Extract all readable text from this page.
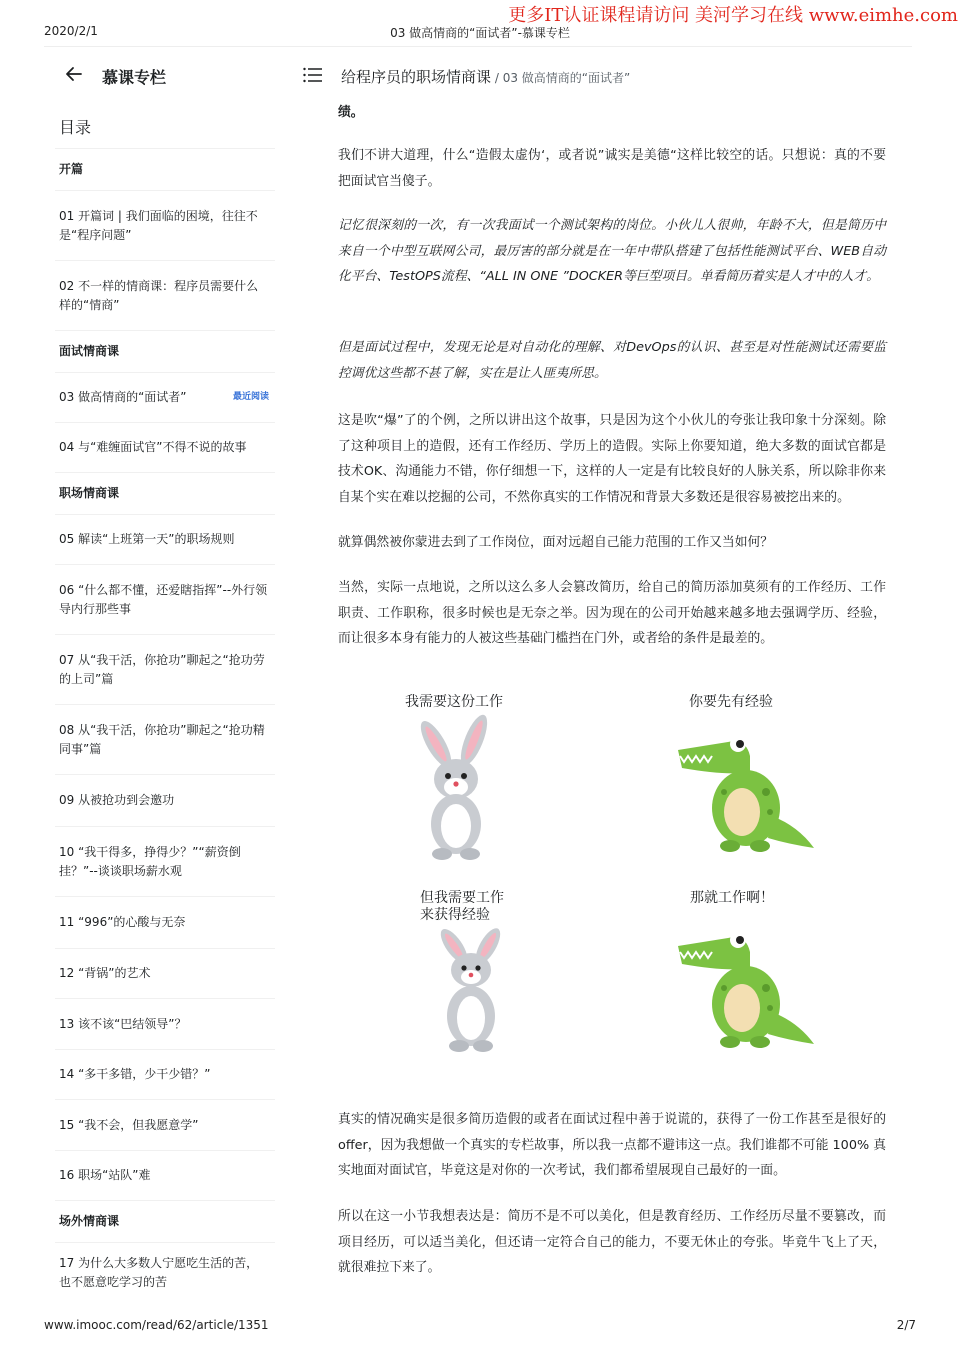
2020/2/1	03 做高情商的“面试者”-慕课专栏
更多IT认证课程请访问 美河学习在线 www.eimhe.com
慕课专栏
目录
开篇
01 开篇词 | 我们面临的困境，往往不是“程序问题”
02 不一样的情商课：程序员需要什么样的“情商”
面试情商课
03 做高情商的“面试者”	最近阅读
04 与“难缠面试官”不得不说的故事
职场情商课
05 解读“上班第一天”的职场规则
06 “什么都不懂，还爱瞎指挥”--外行领导内行那些事
07 从“我干活，你抢功”聊起之“抢功劳的上司”篇
08 从“我干活，你抢功”聊起之“抢功精同事”篇
09 从被抢功到会邀功
10 “我干得多，挣得少？”“薪资倒挂？”--谈谈职场薪水观
11 “996”的心酸与无奈
12 “背锅”的艺术
13 该不该“巴结领导”？
14 “多干多错，少干少错？”
15 “我不会，但我愿意学”
16 职场“站队”难
场外情商课
17 为什么大多数人宁愿吃生活的苦，也不愿意吃学习的苦
给程序员的职场情商课 / 03 做高情商的“面试者”

绩。

我们不讲大道理，什么“造假太虚伪‘，或者说”诚实是美德“这样比较空的话。只想说：真的不要把面试官当傻子。

记忆很深刻的一次，有一次我面试一个测试架构的岗位。小伙儿人很帅，年龄不大，但是简历中来自一个中型互联网公司，最厉害的部分就是在一年中带队搭建了包括性能测试平台、WEB自动化平台、TestOPS流程、“ALL IN ONE ”DOCKER等巨型项目。单看简历着实是人才中的人才。

但是面试过程中，发现无论是对自动化的理解、对DevOps的认识、甚至是对性能测试还需要监控调优这些都不甚了解，实在是让人匪夷所思。

这是吹“爆”了的个例，之所以讲出这个故事，只是因为这个小伙儿的夸张让我印象十分深刻。除了这种项目上的造假，还有工作经历、学历上的造假。实际上你要知道，绝大多数的面试官都是技术OK、沟通能力不错，你仔细想一下，这样的人一定是有比较良好的人脉关系，所以除非你来自某个实在难以挖掘的公司，不然你真实的工作情况和背景大多数还是很容易被挖出来的。

就算偶然被你蒙进去到了工作岗位，面对远超自己能力范围的工作又当如何？

当然，实际一点地说，之所以这么多人会篡改简历，给自己的简历添加莫须有的工作经历、工作职责、工作职称，很多时候也是无奈之举。因为现在的公司开始越来越多地去强调学历、经验，而让很多本身有能力的人被这些基础门槛挡在门外，或者给的条件是最差的。

真实的情况确实是很多简历造假的或者在面试过程中善于说谎的，获得了一份工作甚至是很好的offer，因为我想做一个真实的专栏故事，所以我一点都不避讳这一点。我们谁都不可能 100% 真实地面对面试官，毕竟这是对你的一次考试，我们都希望展现自己最好的一面。

所以在这一小节我想表达是：简历不是不可以美化，但是教育经历、工作经历尽量不要篡改，而项目经历，可以适当美化，但还请一定符合自己的能力，不要无休止的夸张。毕竟牛飞上了天，就很难拉下来了。

我需要这份工作	你要先有经验
但我需要工作
来获得经验
那就工作啊！
www.imooc.com/read/62/article/1351	2/7
